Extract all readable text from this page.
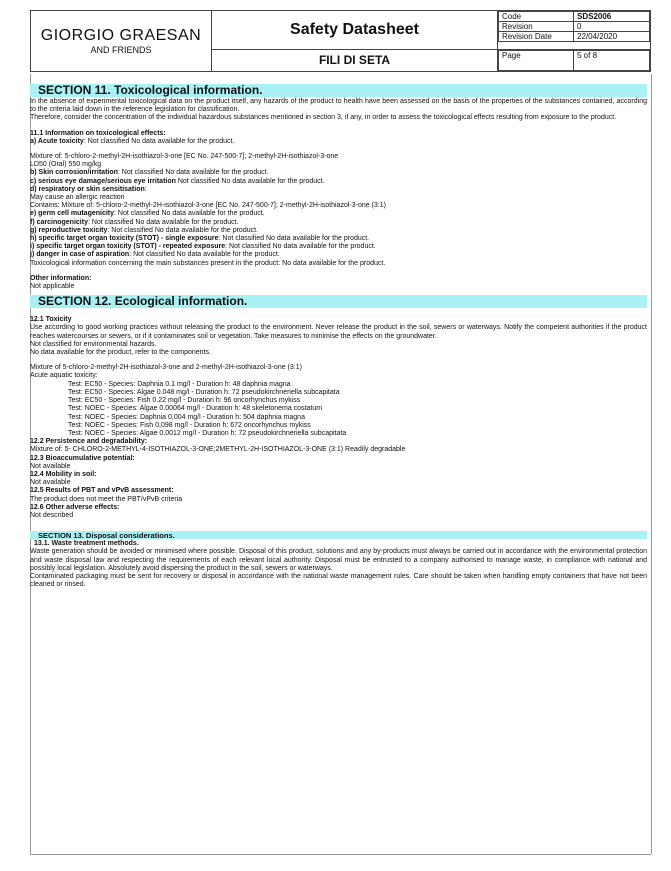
GIORGIO GRAESAN
AND FRIENDS
	Safety Datasheet	
Code	SDS2006
Revision	0
Revision Date	22/04/2020

FILI DI SETA		Page	5 of 8
SECTION 11. Toxicological information.

In the absence of experimental toxicological data on the product itself, any hazards of the product to health have been assessed on the basis of the properties of the substances contained, according to the criteria laid down in the reference legislation for classification.

Therefore, consider the concentration of the individual hazardous substances mentioned in section 3, if any, in order to assess the toxicological effects resulting from exposure to the product.

11.1 Information on toxicological effects:

a) Acute toxicity: Not classified No data available for the product.

Mixture of: 5-chloro-2-methyl-2H-isothiazol-3-one [EC No. 247-500-7]; 2-methyl-2H-isothiazol-3-one

LD50 (Oral) 550 mg/kg

b) Skin corrosion/irritation: Not classified No data available for the product.

c) serious eye damage/serious eye irritation Not classified No data available for the product.

d) respiratory or skin sensitisation:

May cause an allergic reaction

Contains: Mixture of: 5-chloro-2-methyl-2H-isothiazol-3-one [EC No. 247-500-7]; 2-methyl-2H-isothiazol-3-one (3:1)

e) germ cell mutagenicity: Not classified No data available for the product.

f) carcinogenicity: Not classified No data available for the product.

g) reproductive toxicity: Not classified No data available for the product.

h) specific target organ toxicity (STOT) - single exposure: Not classified No data available for the product.

i) specific target organ toxicity (STOT) - repeated exposure: Not classified No data available for the product.

j) danger in case of aspiration: Not classified No data available for the product.

Toxicological information concerning the main substances present in the product: No data available for the product.

Other information:

Not applicable

SECTION 12. Ecological information.

12.1 Toxicity

Use according to good working practices without releasing the product to the environment. Never release the product in the soil, sewers or waterways. Notify the competent authorities if the product reaches watercourses or sewers, or if it contaminates soil or vegetation. Take measures to minimise the effects on the groundwater.

Not classified for environmental hazards.

No data available for the product, refer to the components.

Mixture of 5-chloro-2-methyl-2H-isothiazol-3-one and 2-methyl-2H-isothiazol-3-one (3:1)

Acute aquatic toxicity:

Test: EC50 - Species: Daphnia 0.1 mg/l - Duration h: 48 daphnia magna

Test: EC50 - Species: Algae 0.048 mg/l - Duration h: 72 pseudokirchneriella subcapitata

Test: EC50 - Species: Fish 0.22 mg/l - Duration h: 96 oncorhynchus mykiss

Test: NOEC - Species: Algae 0.00064 mg/l - Duration h: 48 skeletonema costatum

Test: NOEC - Species: Daphnia 0,004 mg/l - Duration h: 504 daphnia magna

Test: NOEC - Species: Fish 0,098 mg/l - Duration h: 672 oncorhynchus mykiss

Test: NOEC - Species: Algae 0.0012 mg/l - Duration h: 72 pseudokirchneriella subcapitata

12.2 Persistence and degradability:

Mixture of: 5- CHLORO-2-METHYL-4-ISOTHIAZOL-3-ONE;2METHYL-2H-ISOTHIAZOL-3-ONE (3:1) Readily degradable

12.3 Bioaccumulative potential:

Not available

12.4 Mobility in soil:

Not available

12.5 Results of PBT and vPvB assessment:

The product does not meet the PBT/vPvB criteria

12.6 Other adverse effects:

Not described

SECTION 13. Disposal considerations.

13.1. Waste treatment methods.

Waste generation should be avoided or minimised where possible. Disposal of this product, solutions and any by-products must always be carried out in accordance with the environmental protection and waste disposal law and respecting the requirements of each relevant local authority. Disposal must be entrusted to a company authorised to manage waste, in compliance with national and possibly local legislation. Absolutely avoid dispersing the product in the soil, sewers or waterways.

Contaminated packaging must be sent for recovery or disposal in accordance with the national waste management rules. Care should be taken when handling empty containers that have not been cleaned or rinsed.
